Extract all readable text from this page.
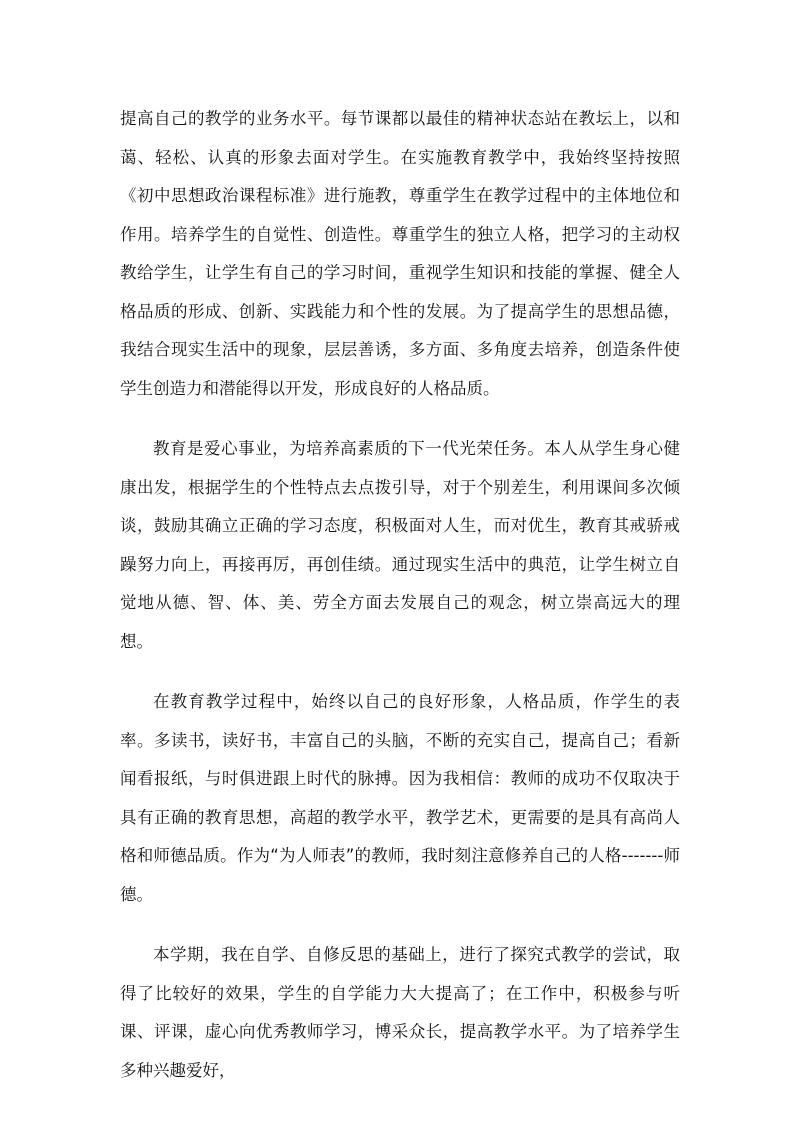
提高自己的教学的业务水平。每节课都以最佳的精神状态站在教坛上，以和蔼、轻松、认真的形象去面对学生。在实施教育教学中，我始终坚持按照《初中思想政治课程标准》进行施教，尊重学生在教学过程中的主体地位和作用。培养学生的自觉性、创造性。尊重学生的独立人格，把学习的主动权教给学生，让学生有自己的学习时间，重视学生知识和技能的掌握、健全人格品质的形成、创新、实践能力和个性的发展。为了提高学生的思想品德，我结合现实生活中的现象，层层善诱，多方面、多角度去培养，创造条件使学生创造力和潜能得以开发，形成良好的人格品质。

教育是爱心事业，为培养高素质的下一代光荣任务。本人从学生身心健康出发，根据学生的个性特点去点拨引导，对于个别差生，利用课间多次倾谈，鼓励其确立正确的学习态度，积极面对人生，而对优生，教育其戒骄戒躁努力向上，再接再厉，再创佳绩。通过现实生活中的典范，让学生树立自觉地从德、智、体、美、劳全方面去发展自己的观念，树立崇高远大的理想。

在教育教学过程中，始终以自己的良好形象，人格品质，作学生的表率。多读书，读好书，丰富自己的头脑，不断的充实自己，提高自己；看新闻看报纸，与时俱进跟上时代的脉搏。因为我相信：教师的成功不仅取决于具有正确的教育思想，高超的教学水平，教学艺术，更需要的是具有高尚人格和师德品质。作为“为人师表”的教师，我时刻注意修养自己的人格-------师德。

本学期，我在自学、自修反思的基础上，进行了探究式教学的尝试，取得了比较好的效果，学生的自学能力大大提高了；在工作中，积极参与听课、评课，虚心向优秀教师学习，博采众长，提高教学水平。为了培养学生多种兴趣爱好，
